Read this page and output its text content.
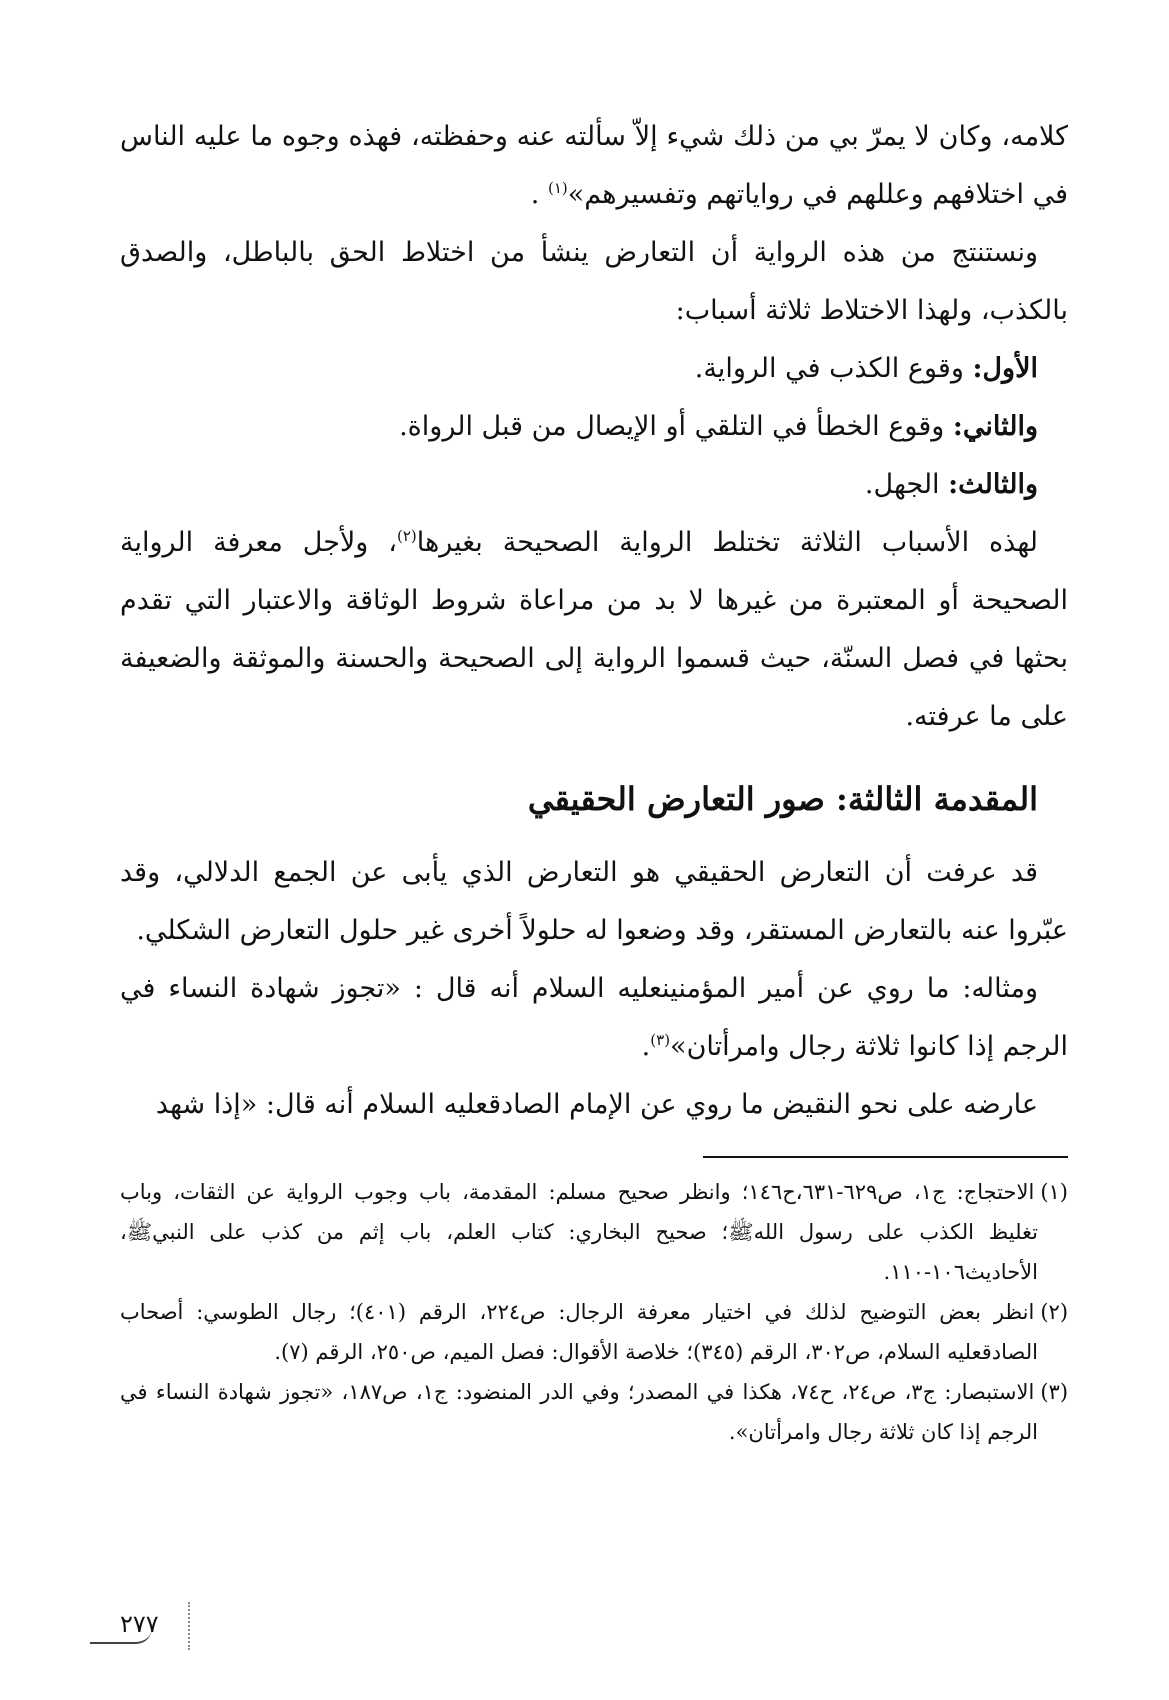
كلامه، وكان لا يمرّ بي من ذلك شيء إلاّ سألته عنه وحفظته، فهذه وجوه ما عليه الناس في اختلافهم وعللهم في رواياتهم وتفسيرهم»$^{(١)}$ .

ونستنتج من هذه الرواية أن التعارض ينشأ من اختلاط الحق بالباطل، والصدق بالكذب، ولهذا الاختلاط ثلاثة أسباب:

الأول: وقوع الكذب في الرواية.

والثاني: وقوع الخطأ في التلقي أو الإيصال من قبل الرواة.

والثالث: الجهل.

لهذه الأسباب الثلاثة تختلط الرواية الصحيحة بغيرها$^{(٢)}$، ولأجل معرفة الرواية الصحيحة أو المعتبرة من غيرها لا بد من مراعاة شروط الوثاقة والاعتبار التي تقدم بحثها في فصل السنّة، حيث قسموا الرواية إلى الصحيحة والحسنة والموثقة والضعيفة على ما عرفته.

المقدمة الثالثة: صور التعارض الحقيقي

قد عرفت أن التعارض الحقيقي هو التعارض الذي يأبى عن الجمع الدلالي، وقد عبّروا عنه بالتعارض المستقر، وقد وضعوا له حلولاً أخرى غير حلول التعارض الشكلي.

ومثاله: ما روي عن أمير المؤمنينعليه السلام أنه قال : «تجوز شهادة النساء في الرجم إذا كانوا ثلاثة رجال وامرأتان»$^{(٣)}$.

عارضه على نحو النقيض ما روي عن الإمام الصادقعليه السلام أنه قال: «إذا شهد

(١)الاحتجاج: ج١، ص٦٢٩-٦٣١،ح١٤٦؛ وانظر صحيح مسلم: المقدمة، باب وجوب الرواية عن الثقات، وباب تغليظ الكذب على رسول اللهﷺ؛ صحيح البخاري: كتاب العلم، باب إثم من كذب على النبيﷺ، الأحاديث١٠٦-١١٠.

(٢)انظر بعض التوضيح لذلك في اختيار معرفة الرجال: ص٢٢٤، الرقم (٤٠١)؛ رجال الطوسي: أصحاب الصادقعليه السلام، ص٣٠٢، الرقم (٣٤٥)؛ خلاصة الأقوال: فصل الميم، ص٢٥٠، الرقم (٧).

(٣)الاستبصار: ج٣، ص٢٤، ح٧٤، هكذا في المصدر؛ وفي الدر المنضود: ج١، ص١٨٧، «تجوز شهادة النساء في الرجم إذا كان ثلاثة رجال وامرأتان».

٢٧٧
